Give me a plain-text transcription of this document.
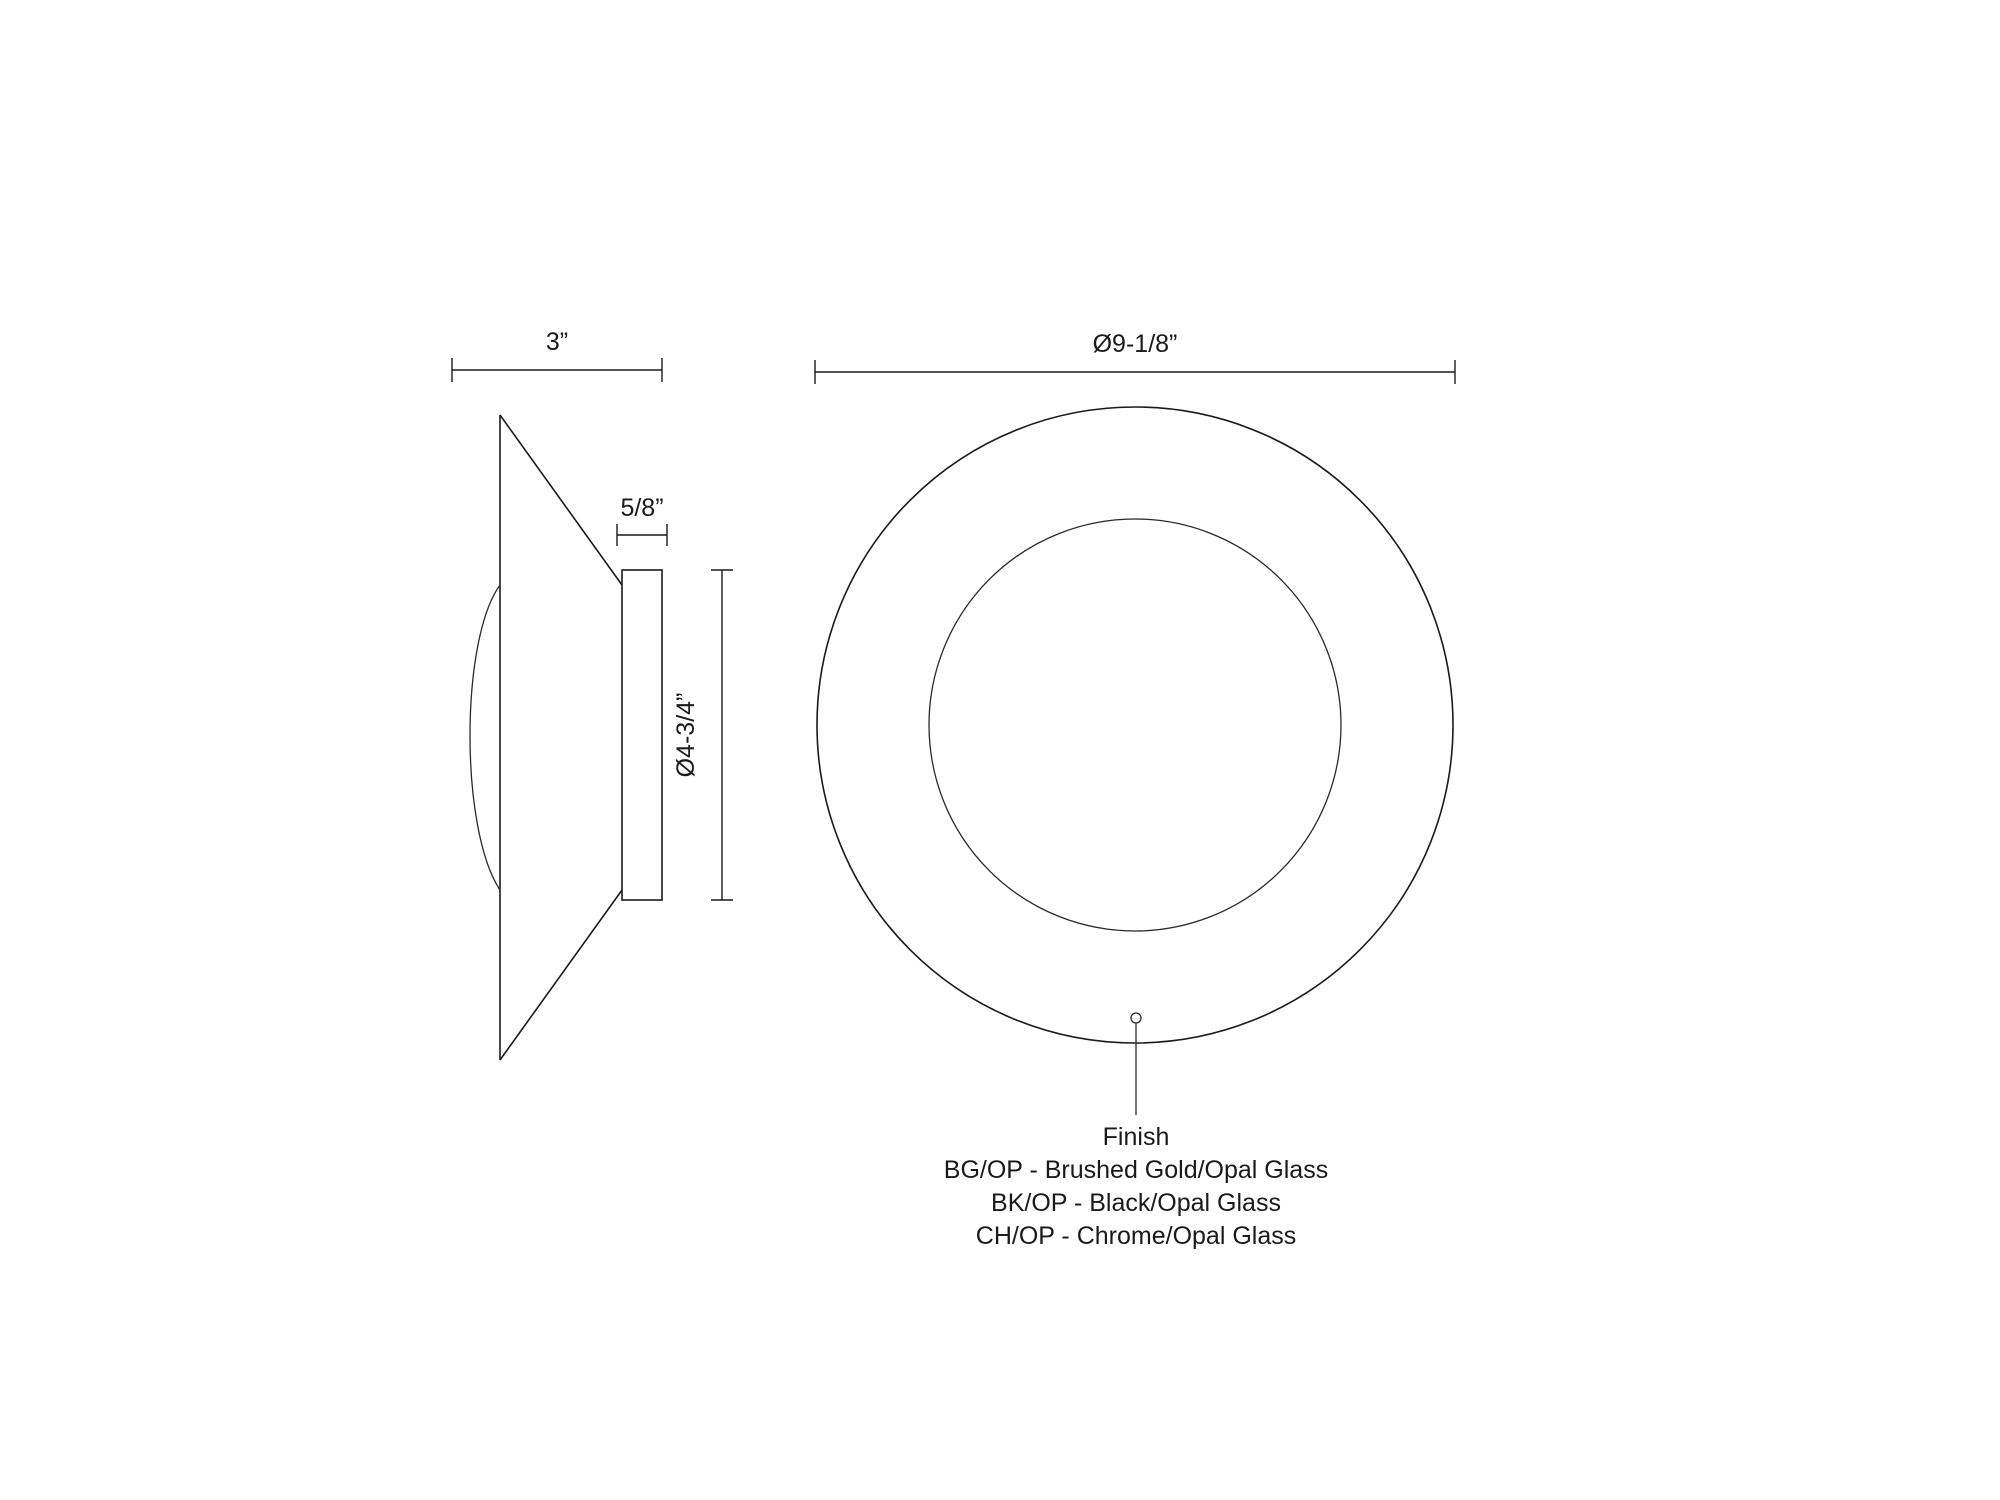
3”
5/8”
Ø4-3/4”
Ø9-1/8”
Finish
BG/OP - Brushed Gold/Opal Glass
BK/OP - Black/Opal Glass
CH/OP - Chrome/Opal Glass
